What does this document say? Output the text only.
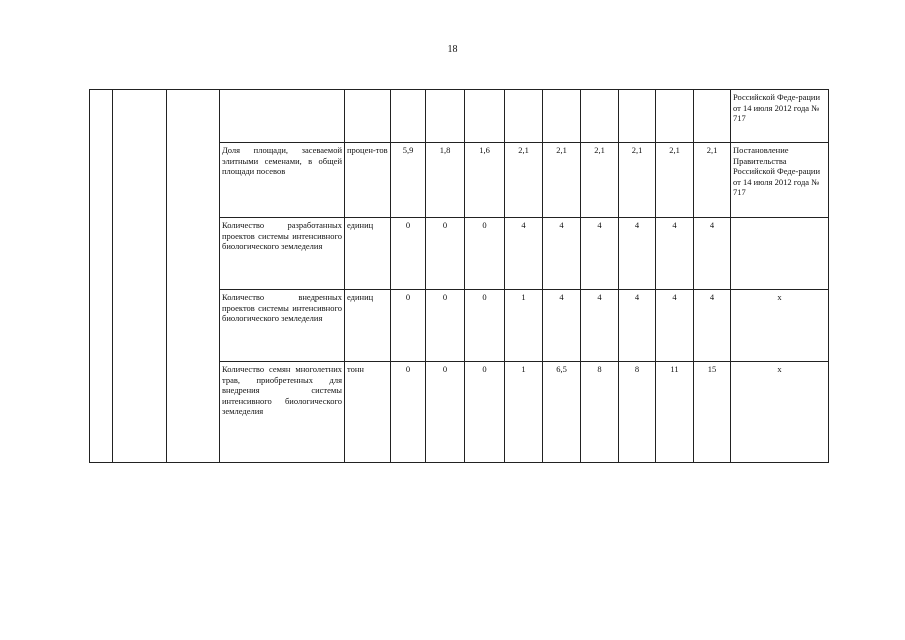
18
														Российской Феде-рации от 14 июля 2012 года № 717
			Доля площади, засеваемой элитными семенами, в общей площади посевов	процен-тов	5,9	1,8	1,6	2,1	2,1	2,1	2,1	2,1	2,1	Постановление Правительства Российской Феде-рации от 14 июля 2012 года № 717
			Количество разработанных проектов системы интенсивного биологического земледелия	единиц	0	0	0	4	4	4	4	4	4	
			Количество внедренных проектов системы интенсивного биологического земледелия	единиц	0	0	0	1	4	4	4	4	4	x
			Количество семян многолетних трав, приобретенных для внедрения системы интенсивного биологического земледелия	тонн	0	0	0	1	6,5	8	8	11	15	x
